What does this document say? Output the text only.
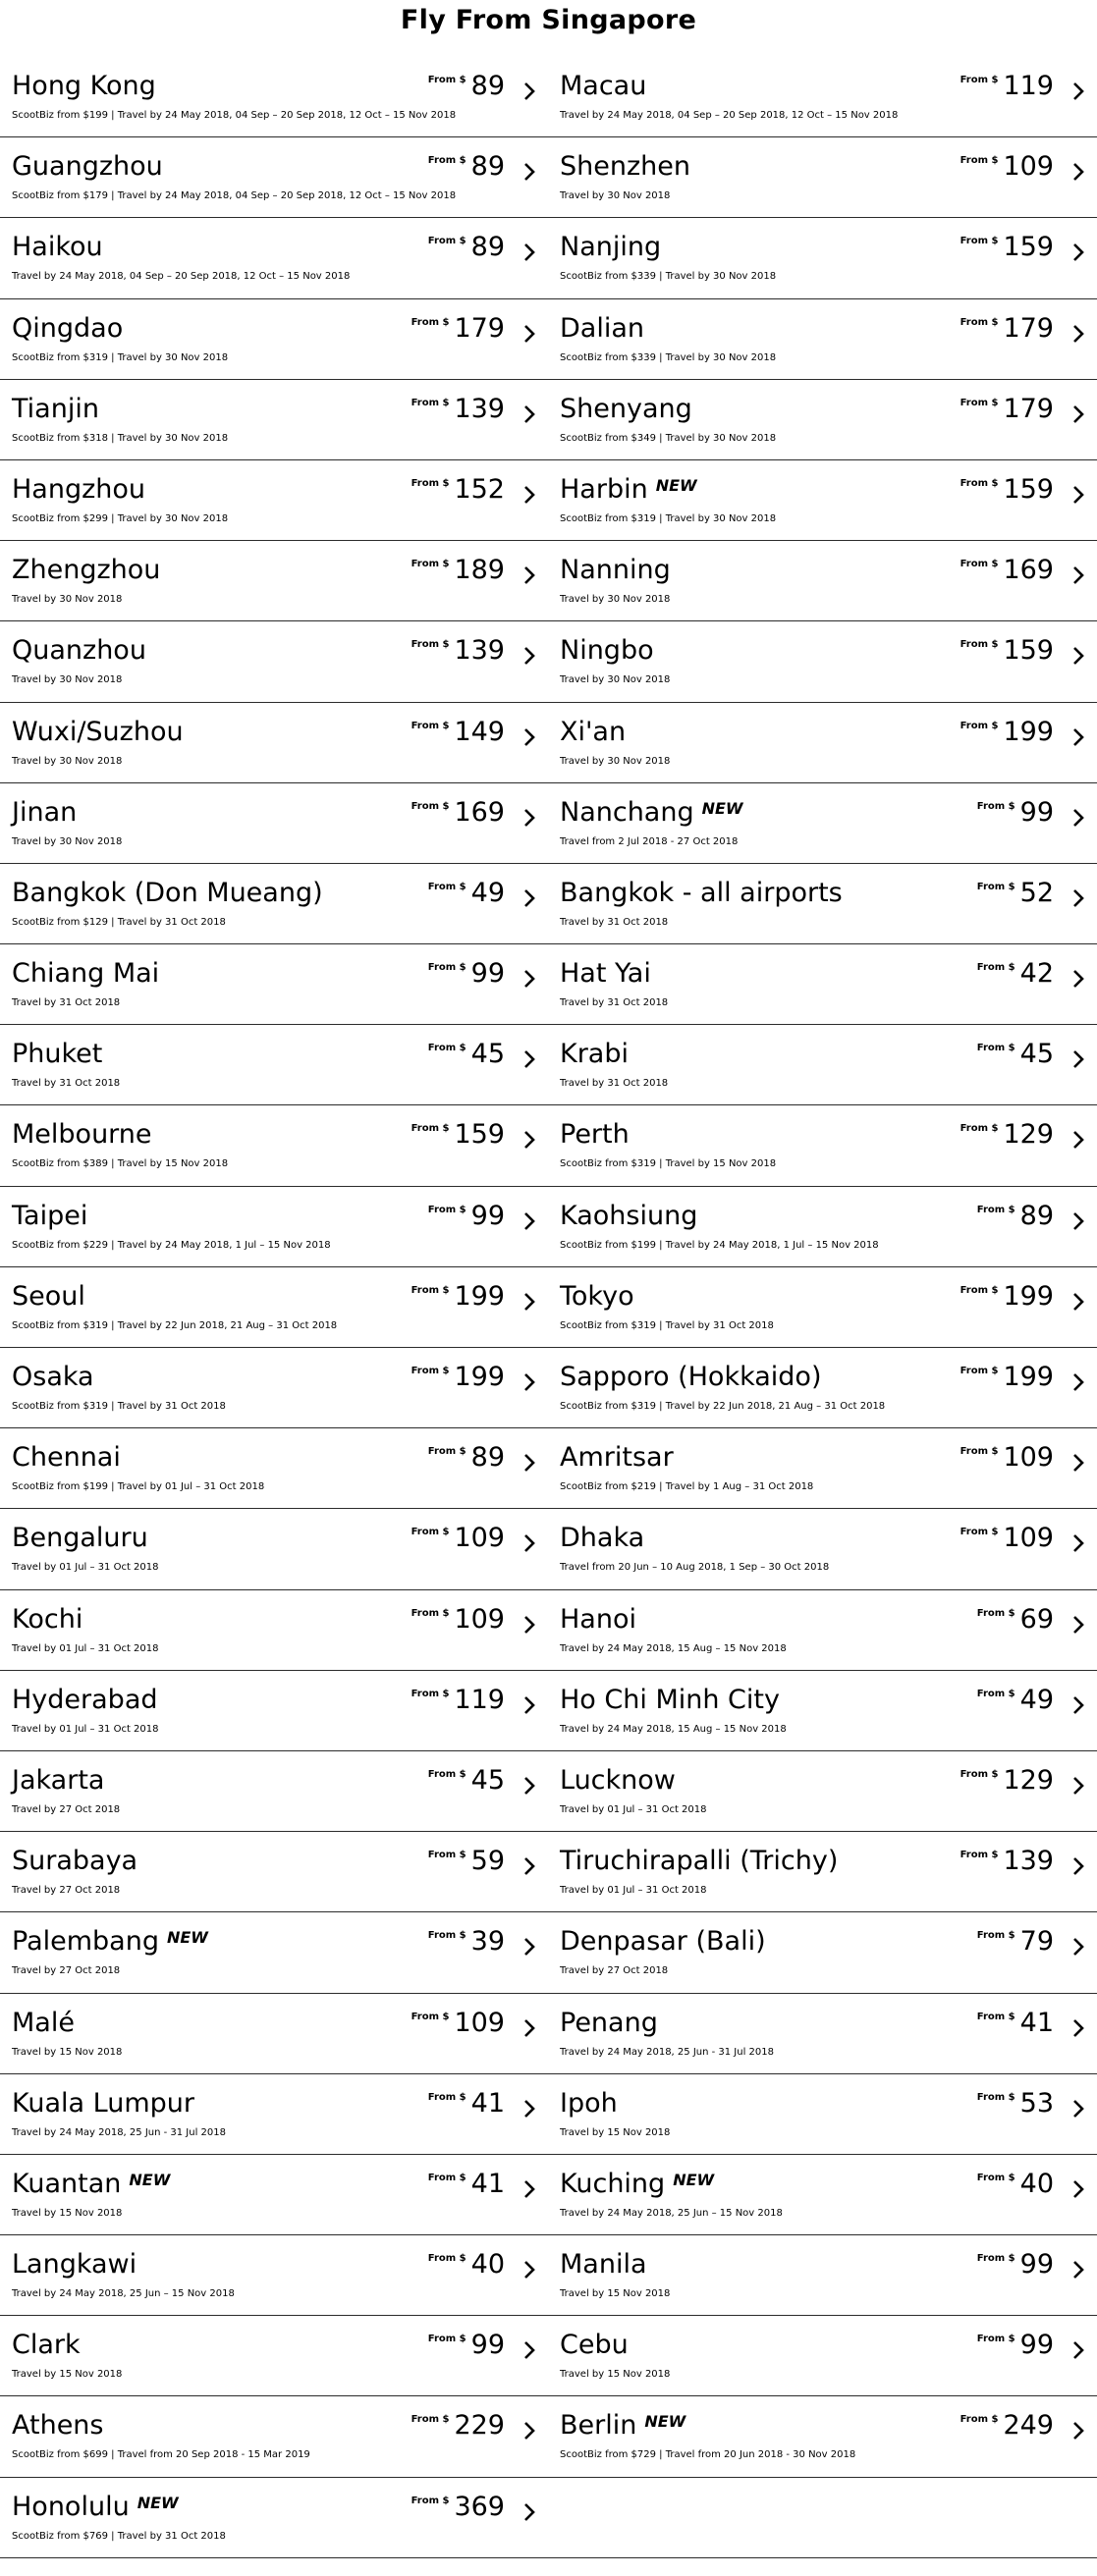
Fly From Singapore
Hong Kong
ScootBiz from $199 | Travel by 24 May 2018, 04 Sep – 20 Sep 2018, 12 Oct – 15 Nov 2018
From $ 89 Macau
Travel by 24 May 2018, 04 Sep – 20 Sep 2018, 12 Oct – 15 Nov 2018
From $ 119
Guangzhou
ScootBiz from $179 | Travel by 24 May 2018, 04 Sep – 20 Sep 2018, 12 Oct – 15 Nov 2018
From $ 89 Shenzhen
Travel by 30 Nov 2018
From $ 109
Haikou
Travel by 24 May 2018, 04 Sep – 20 Sep 2018, 12 Oct – 15 Nov 2018
From $ 89 Nanjing
ScootBiz from $339 | Travel by 30 Nov 2018
From $ 159
Qingdao
ScootBiz from $319 | Travel by 30 Nov 2018
From $ 179 Dalian
ScootBiz from $339 | Travel by 30 Nov 2018
From $ 179
Tianjin
ScootBiz from $318 | Travel by 30 Nov 2018
From $ 139 Shenyang
ScootBiz from $349 | Travel by 30 Nov 2018
From $ 179
Hangzhou
ScootBiz from $299 | Travel by 30 Nov 2018
From $ 152 Harbin $^{NEW}$
ScootBiz from $319 | Travel by 30 Nov 2018
From $ 159
Zhengzhou
Travel by 30 Nov 2018
From $ 189 Nanning
Travel by 30 Nov 2018
From $ 169
Quanzhou
Travel by 30 Nov 2018
From $ 139 Ningbo
Travel by 30 Nov 2018
From $ 159
Wuxi/Suzhou
Travel by 30 Nov 2018
From $ 149 Xi'an
Travel by 30 Nov 2018
From $ 199
Jinan
Travel by 30 Nov 2018
From $ 169 Nanchang $^{NEW}$
Travel from 2 Jul 2018 - 27 Oct 2018
From $ 99
Bangkok (Don Mueang)
ScootBiz from $129 | Travel by 31 Oct 2018
From $ 49 Bangkok - all airports
Travel by 31 Oct 2018
From $ 52
Chiang Mai
Travel by 31 Oct 2018
From $ 99 Hat Yai
Travel by 31 Oct 2018
From $ 42
Phuket
Travel by 31 Oct 2018
From $ 45 Krabi
Travel by 31 Oct 2018
From $ 45
Melbourne
ScootBiz from $389 | Travel by 15 Nov 2018
From $ 159 Perth
ScootBiz from $319 | Travel by 15 Nov 2018
From $ 129
Taipei
ScootBiz from $229 | Travel by 24 May 2018, 1 Jul – 15 Nov 2018
From $ 99 Kaohsiung
ScootBiz from $199 | Travel by 24 May 2018, 1 Jul – 15 Nov 2018
From $ 89
Seoul
ScootBiz from $319 | Travel by 22 Jun 2018, 21 Aug – 31 Oct 2018
From $ 199 Tokyo
ScootBiz from $319 | Travel by 31 Oct 2018
From $ 199
Osaka
ScootBiz from $319 | Travel by 31 Oct 2018
From $ 199 Sapporo (Hokkaido)
ScootBiz from $319 | Travel by 22 Jun 2018, 21 Aug – 31 Oct 2018
From $ 199
Chennai
ScootBiz from $199 | Travel by 01 Jul – 31 Oct 2018
From $ 89 Amritsar
ScootBiz from $219 | Travel by 1 Aug – 31 Oct 2018
From $ 109
Bengaluru
Travel by 01 Jul – 31 Oct 2018
From $ 109 Dhaka
Travel from 20 Jun – 10 Aug 2018, 1 Sep – 30 Oct 2018
From $ 109
Kochi
Travel by 01 Jul – 31 Oct 2018
From $ 109 Hanoi
Travel by 24 May 2018, 15 Aug – 15 Nov 2018
From $ 69
Hyderabad
Travel by 01 Jul – 31 Oct 2018
From $ 119 Ho Chi Minh City
Travel by 24 May 2018, 15 Aug – 15 Nov 2018
From $ 49
Jakarta
Travel by 27 Oct 2018
From $ 45 Lucknow
Travel by 01 Jul – 31 Oct 2018
From $ 129
Surabaya
Travel by 27 Oct 2018
From $ 59 Tiruchirapalli (Trichy)
Travel by 01 Jul – 31 Oct 2018
From $ 139
Palembang $^{NEW}$
Travel by 27 Oct 2018
From $ 39 Denpasar (Bali)
Travel by 27 Oct 2018
From $ 79
Malé
Travel by 15 Nov 2018
From $ 109 Penang
Travel by 24 May 2018, 25 Jun - 31 Jul 2018
From $ 41
Kuala Lumpur
Travel by 24 May 2018, 25 Jun - 31 Jul 2018
From $ 41 Ipoh
Travel by 15 Nov 2018
From $ 53
Kuantan $^{NEW}$
Travel by 15 Nov 2018
From $ 41 Kuching $^{NEW}$
Travel by 24 May 2018, 25 Jun – 15 Nov 2018
From $ 40
Langkawi
Travel by 24 May 2018, 25 Jun – 15 Nov 2018
From $ 40 Manila
Travel by 15 Nov 2018
From $ 99
Clark
Travel by 15 Nov 2018
From $ 99 Cebu
Travel by 15 Nov 2018
From $ 99
Athens
ScootBiz from $699 | Travel from 20 Sep 2018 - 15 Mar 2019
From $ 229 Berlin $^{NEW}$
ScootBiz from $729 | Travel from 20 Jun 2018 - 30 Nov 2018
From $ 249
Honolulu $^{NEW}$
ScootBiz from $769 | Travel by 31 Oct 2018
From $ 369
